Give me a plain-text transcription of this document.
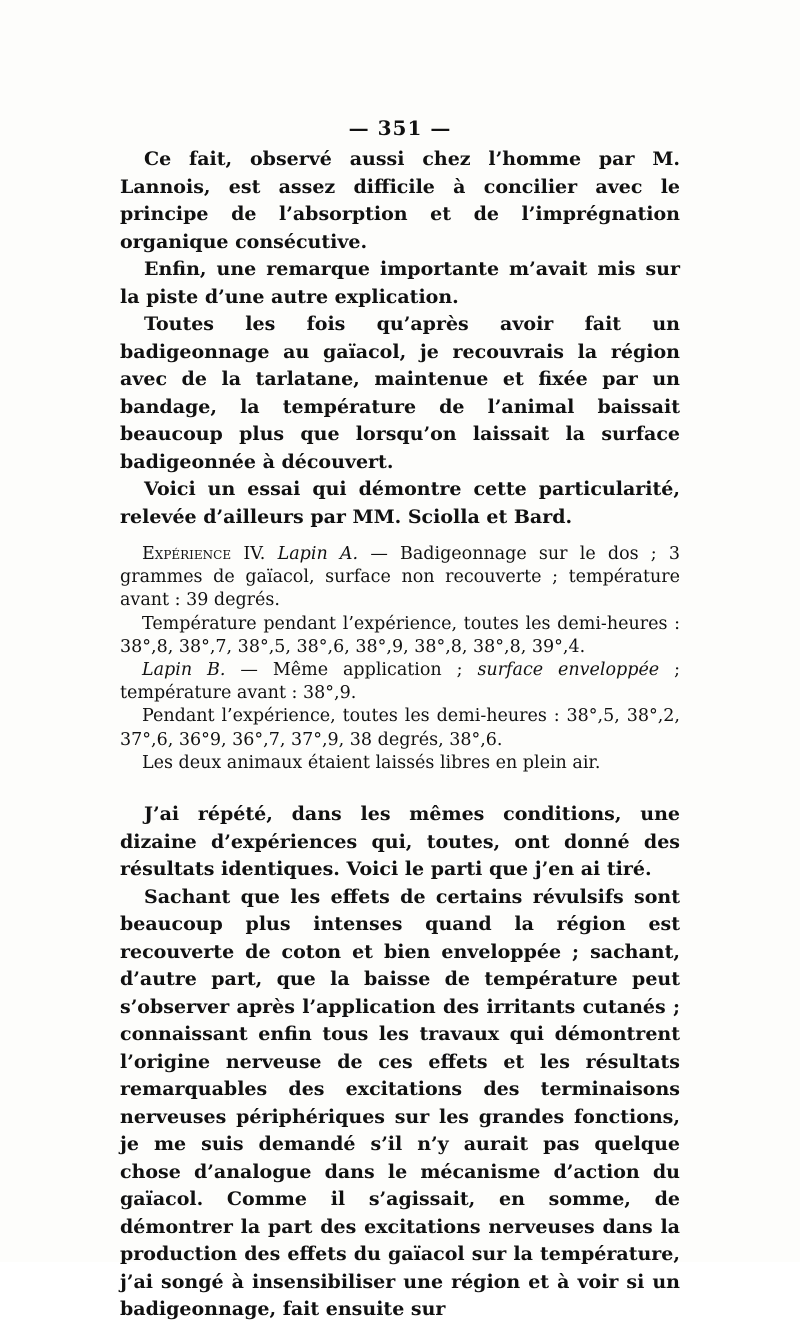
— 351 —

Ce fait, observé aussi chez l’homme par M. Lannois, est assez difficile à concilier avec le principe de l’absorption et de l’imprégnation organique consécutive.

Enfin, une remarque importante m’avait mis sur la piste d’une autre explication.

Toutes les fois qu’après avoir fait un badigeonnage au gaïacol, je recouvrais la région avec de la tarlatane, maintenue et fixée par un bandage, la température de l’animal baissait beaucoup plus que lorsqu’on laissait la surface badigeonnée à découvert.

Voici un essai qui démontre cette particularité, relevée d’ailleurs par MM. Sciolla et Bard.

Expérience IV. Lapin A. — Badigeonnage sur le dos ; 3 grammes de gaïacol, surface non recouverte ; température avant : 39 degrés.

Température pendant l’expérience, toutes les demi-heures : 38°,8, 38°,7, 38°,5, 38°,6, 38°,9, 38°,8, 38°,8, 39°,4.

Lapin B. — Même application ; surface enveloppée ; température avant : 38°,9.

Pendant l’expérience, toutes les demi-heures : 38°,5, 38°,2, 37°,6, 36°9, 36°,7, 37°,9, 38 degrés, 38°,6.

Les deux animaux étaient laissés libres en plein air.

J’ai répété, dans les mêmes conditions, une dizaine d’expériences qui, toutes, ont donné des résultats identiques. Voici le parti que j’en ai tiré.

Sachant que les effets de certains révulsifs sont beaucoup plus intenses quand la région est recouverte de coton et bien enveloppée ; sachant, d’autre part, que la baisse de température peut s’observer après l’application des irritants cutanés ; connaissant enfin tous les travaux qui démontrent l’origine nerveuse de ces effets et les résultats remarquables des excitations des terminaisons nerveuses périphériques sur les grandes fonctions, je me suis demandé s’il n’y aurait pas quelque chose d’analogue dans le mécanisme d’action du gaïacol. Comme il s’agissait, en somme, de démontrer la part des excitations nerveuses dans la production des effets du gaïacol sur la température, j’ai songé à insensibiliser une région et à voir si un badigeonnage, fait ensuite sur
